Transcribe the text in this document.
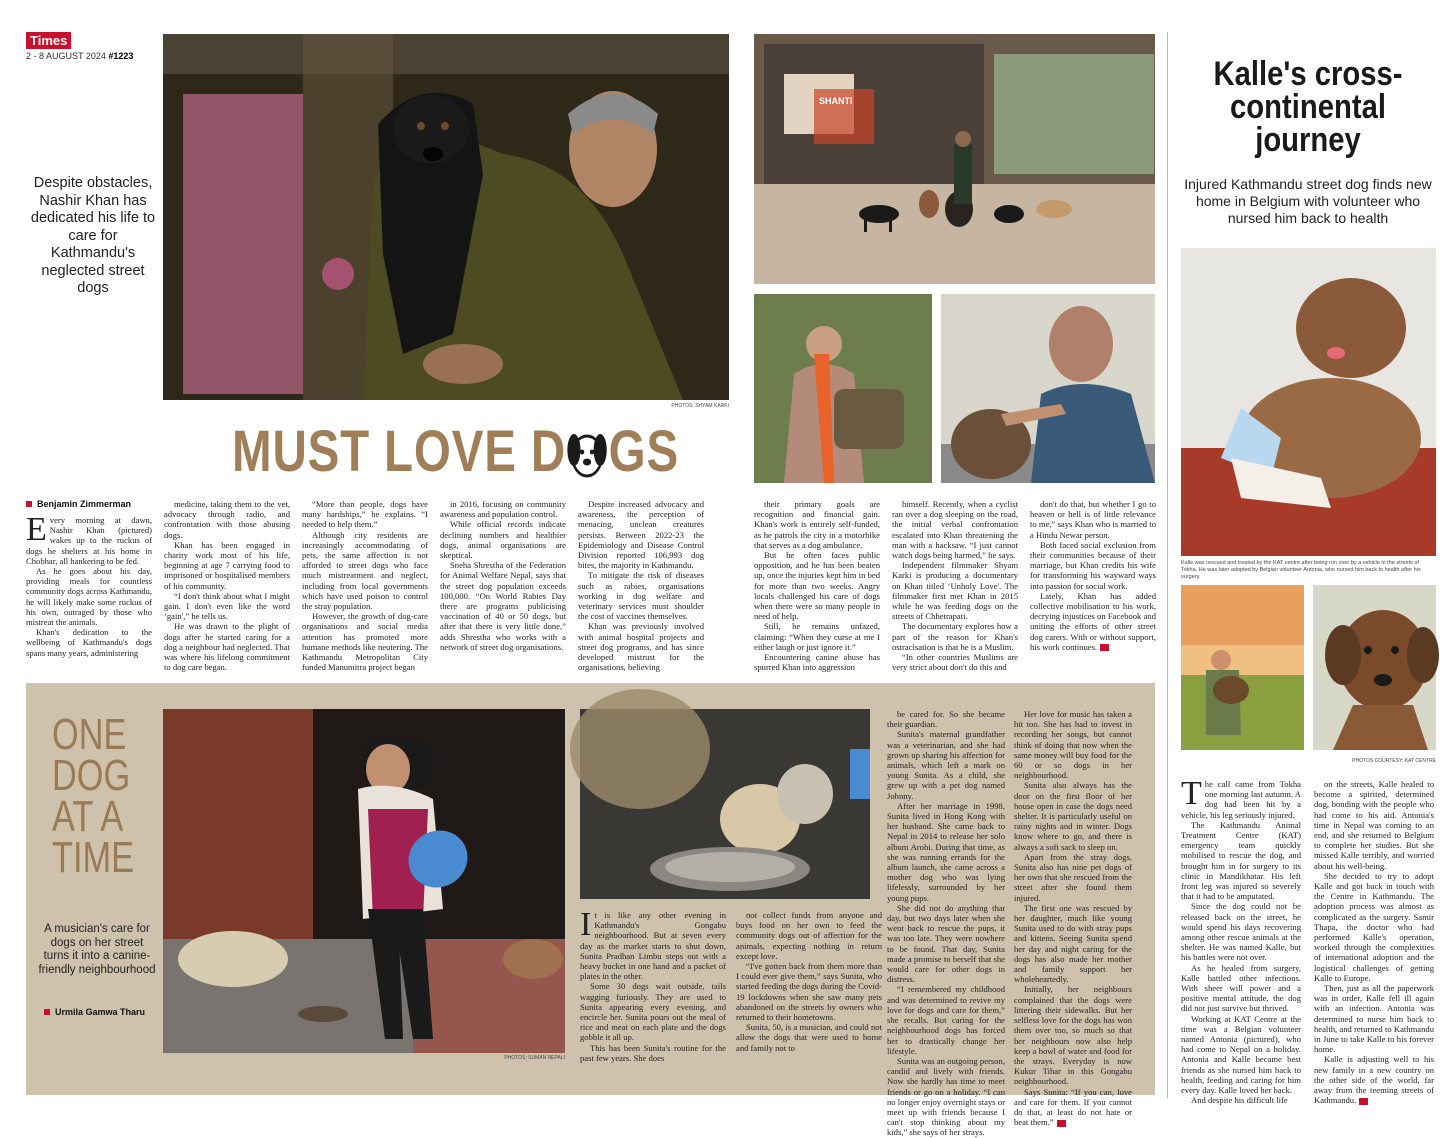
Times
2 - 8 AUGUST 2024 #1223
Despite obstacles, Nashir Khan has dedicated his life to care for Kathmandu's neglected street dogs
PHOTOS: SHYAM KARKI
SHANTI
MUST LOVE D GS
Benjamin Zimmerman

Every morning at dawn, Nashir Khan (pictured) wakes up to the ruckus of dogs he shelters at his home in Chobhar, all hankering to be fed.

As he goes about his day, providing meals for countless community dogs across Kathmandu, he will likely make some ruckus of his own, outraged by those who mistreat the animals.

Khan's dedication to the wellbeing of Kathmandu's dogs spans many years, administering

medicine, taking them to the vet, advocacy through radio, and confrontation with those abusing dogs.

Khan has been engaged in charity work most of his life, beginning at age 7 carrying food to imprisoned or hospitalised members of his community.

“I don't think about what I might gain. I don't even like the word ‘gain',” he tells us.

He was drawn to the plight of dogs after he started caring for a dog a neighbour had neglected. That was where his lifelong commitment to dog care began.

“More than people, dogs have many hardships,” he explains. “I needed to help them.”

Although city residents are increasingly accommodating of pets, the same affection is not afforded to street dogs who face much mistreatment and neglect, including from local governments which have used poison to control the stray population.

However, the growth of dog-care organisations and social media attention has promoted more humane methods like neutering. The Kathmandu Metropolitan City funded Manumitra project began

in 2016, focusing on community awareness and population control.

While official records indicate declining numbers and healthier dogs, animal organisations are skeptical.

Sneha Shrestha of the Federation for Animal Welfare Nepal, says that the street dog population exceeds 100,000. “On World Rabies Day there are programs publicising vaccination of 40 or 50 dogs, but after that there is very little done,” adds Shrestha who works with a network of street dog organisations.

Despite increased advocacy and awareness, the perception of menacing, unclean creatures persists. Between 2022-23 the Epidemiology and Disease Control Division reported 106,993 dog bites, the majority in Kathmandu.

To mitigate the risk of diseases such as rabies, organisations working in dog welfare and veterinary services must shoulder the cost of vaccines themselves.

Khan was previously involved with animal hospital projects and street dog programs, and has since developed mistrust for the organisations, believing

their primary goals are recognition and financial gain. Khan's work is entirely self-funded, as he patrols the city in a motorbike that serves as a dog ambulance.

But he often faces public opposition, and he has been beaten up, once the injuries kept him in bed for more than two weeks. Angry locals challenged his care of dogs when there were so many people in need of help.

Still, he remains unfazed, claiming: “When they curse at me I either laugh or just ignore it.”

Encountering canine abuse has spurred Khan into aggression

himself. Recently, when a cyclist ran over a dog sleeping on the road, the initial verbal confrontation escalated into Khan threatening the man with a hacksaw. “I just cannot watch dogs being harmed,” he says.

Independent filmmaker Shyam Karki is producing a documentary on Khan titled ‘Unholy Love'. The filmmaker first met Khan in 2015 while he was feeding dogs on the streets of Chhetrapati.

The documentary explores how a part of the reason for Khan's ostracisation is that he is a Muslim.

“In other countries Muslims are very strict about don't do this and

don't do that, but whether I go to heaven or hell is of little relevance to me,” says Khan who is married to a Hindu Newar person.

Both faced social exclusion from their communities because of their marriage, but Khan credits his wife for transforming his wayward ways into passion for social work.

Lately, Khan has added collective mobilisation to his work, decrying injustices on Facebook and uniting the efforts of other street dog carers. With or without support, his work continues.

ONE
DOG
AT A
TIME
A musician's care for dogs on her street turns it into a canine-friendly neighbourhood
Urmila Gamwa Tharu
PHOTOS: SUMAN NEPALI

It is like any other evening in Kathmandu's Gongabu neighbourhood. But at seven every day as the market starts to shut down, Sunita Pradhan Limbu steps out with a heavy bucket in one hand and a packet of plates in the other.

Some 30 dogs wait outside, tails wagging furiously. They are used to Sunita appearing every evening, and encircle her. Sunita pours out the meal of rice and meat on each plate and the dogs gobble it all up.

This has been Sunita's routine for the past few years. She does

not collect funds from anyone and buys food on her own to feed the community dogs out of affection for the animals, expecting nothing in return except love.

“I've gotten back from them more than I could ever give them,” says Sunita, who started feeding the dogs during the Covid-19 lockdowns when she saw many pets abandoned on the streets by owners who returned to their hometowns.

Sunita, 50, is a musician, and could not allow the dogs that were used to home and family not to

be cared for. So she became their guardian.

Sunita's maternal grandfather was a veterinarian, and she had grown up sharing his affection for animals, which left a mark on young Sunita. As a child, she grew up with a pet dog named Johnny.

After her marriage in 1998, Sunita lived in Hong Kong with her husband. She came back to Nepal in 2014 to release her solo album Arohi. During that time, as she was running errands for the album launch, she came across a mother dog who was lying lifelessly, surrounded by her young pups.

She did not do anything that day, but two days later when she went back to rescue the pups, it was too late. They were nowhere to be found. That day, Sunita made a promise to herself that she would care for other dogs in distress.

“I remembered my childhood and was determined to revive my love for dogs and care for them,” she recalls. But caring for the neighbourhood dogs has forced her to drastically change her lifestyle.

Sunita was an outgoing person, candid and lively with friends. Now she hardly has time to meet friends or go on a holiday. “I can no longer enjoy overnight stays or meet up with friends because I can't stop thinking about my kids,” she says of her strays.

Her love for music has taken a hit too. She has had to invest in recording her songs, but cannot think of doing that now when the same money will buy food for the 60 or so dogs in her neighbourhood.

Sunita also always has the door on the first floor of her house open in case the dogs need shelter. It is particularly useful on rainy nights and in winter. Dogs know where to go, and there is always a soft sack to sleep on.

Apart from the stray dogs, Sunita also has nine pet dogs of her own that she rescued from the street after she found them injured.

The first one was rescued by her daughter, much like young Sunita used to do with stray pups and kittens. Seeing Sunita spend her day and night caring for the dogs has also made her mother and family support her wholeheartedly.

Initially, her neighbours complained that the dogs were littering their sidewalks. But her selfless love for the dogs has won them over too, so much so that her neighbours now also help keep a bowl of water and food for the strays. Everyday is now Kukur Tihar in this Gongabu neighbourhood.

Says Sunita: “If you can, love and care for them. If you cannot do that, at least do not hate or beat them.”

Kalle's cross-continental journey
Injured Kathmandu street dog finds new home in Belgium with volunteer who nursed him back to health
Kalle was rescued and treated by the KAT centre after being run over by a vehicle in the streets of Tokha. He was later adopted by Belgian volunteer Antonia, who nursed him back to health after his surgery.
PHOTOS COURTESY: KAT CENTRE

The call came from Tokha one morning last autumn. A dog had been hit by a vehicle, his leg seriously injured.

The Kathmandu Animal Treatment Centre (KAT) emergency team quickly mobilised to rescue the dog, and brought him in for surgery to its clinic in Mandikhatar. His left front leg was injured so severely that it had to be amputated.

Since the dog could not be released back on the street, he would spend his days recovering among other rescue animals at the shelter. He was named Kalle, but his battles were not over.

As he healed from surgery, Kalle battled other infections. With sheer will power and a positive mental attitude, the dog did not just survive but thrived.

Working at KAT Centre at the time was a Belgian volunteer named Antonia (pictured), who had come to Nepal on a holiday. Antonia and Kalle became best friends as she nursed him back to health, feeding and caring for him every day. Kalle loved her back.

And despite his difficult life

on the streets, Kalle healed to become a spirited, determined dog, bonding with the people who had come to his aid. Antonia's time in Nepal was coming to an end, and she returned to Belgium to complete her studies. But she missed Kalle terribly, and worried about his well-being.

She decided to try to adopt Kalle and got back in touch with the Centre in Kathmandu. The adoption process was almost as complicated as the surgery. Samir Thapa, the doctor who had performed Kalle's operation, worked through the complexities of international adoption and the logistical challenges of getting Kalle to Europe.

Then, just as all the paperwork was in order, Kalle fell ill again with an infection. Antonia was determined to nurse him back to health, and returned to Kathmandu in June to take Kalle to his forever home.

Kalle is adjusting well to his new family in a new country on the other side of the world, far away from the teeming streets of Kathmandu.
